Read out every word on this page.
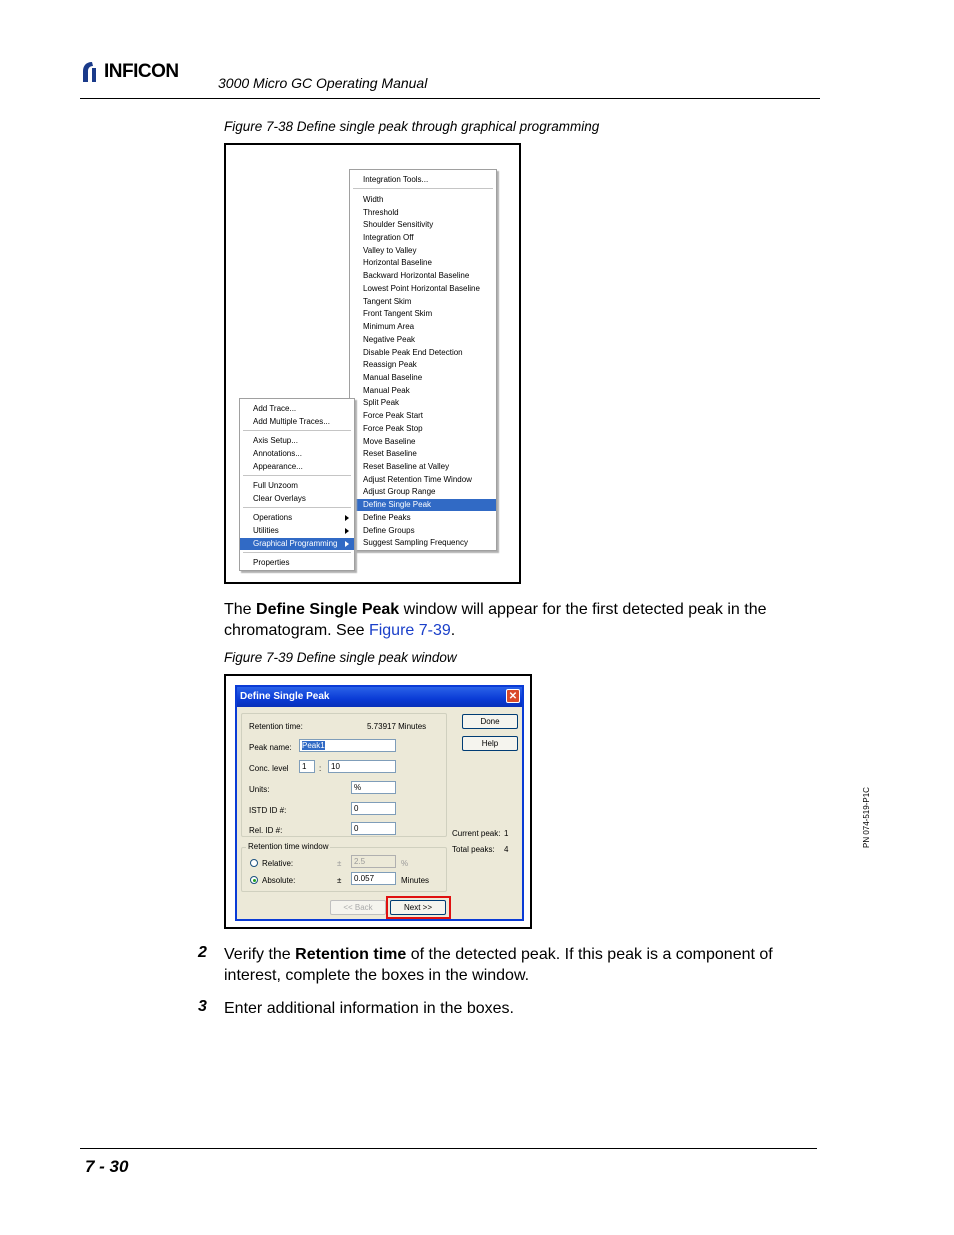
INFICON
3000 Micro GC Operating Manual
Figure 7-38 Define single peak through graphical programming
Integration Tools...
Width
Threshold
Shoulder Sensitivity
Integration Off
Valley to Valley
Horizontal Baseline
Backward Horizontal Baseline
Lowest Point Horizontal Baseline
Tangent Skim
Front Tangent Skim
Minimum Area
Negative Peak
Disable Peak End Detection
Reassign Peak
Manual Baseline
Manual Peak
Split Peak
Force Peak Start
Force Peak Stop
Move Baseline
Reset Baseline
Reset Baseline at Valley
Adjust Retention Time Window
Adjust Group Range
Define Single Peak
Define Peaks
Define Groups
Suggest Sampling Frequency
Add Trace...
Add Multiple Traces...
Axis Setup...
Annotations...
Appearance...
Full Unzoom
Clear Overlays
Operations
Utilities
Graphical Programming
Properties
The Define Single Peak window will appear for the first detected peak in the chromatogram. See Figure 7-39.
Figure 7-39 Define single peak window
Define Single Peak	✕
Retention time:	5.73917 Minutes
Peak name:	Peak1
Conc. level	1	:	10
Units:	%
ISTD ID #:	0
Rel. ID #:	0
Retention time window
Relative:	±	2.5	%
Absolute:	±	0.057	Minutes
Done
Help
Current peak: 1
Total peaks: 4
<< Back	Next >>
2 Verify the Retention time of the detected peak. If this peak is a component of interest, complete the boxes in the window.
3 Enter additional information in the boxes.
PN 074-519-P1C
7 - 30
